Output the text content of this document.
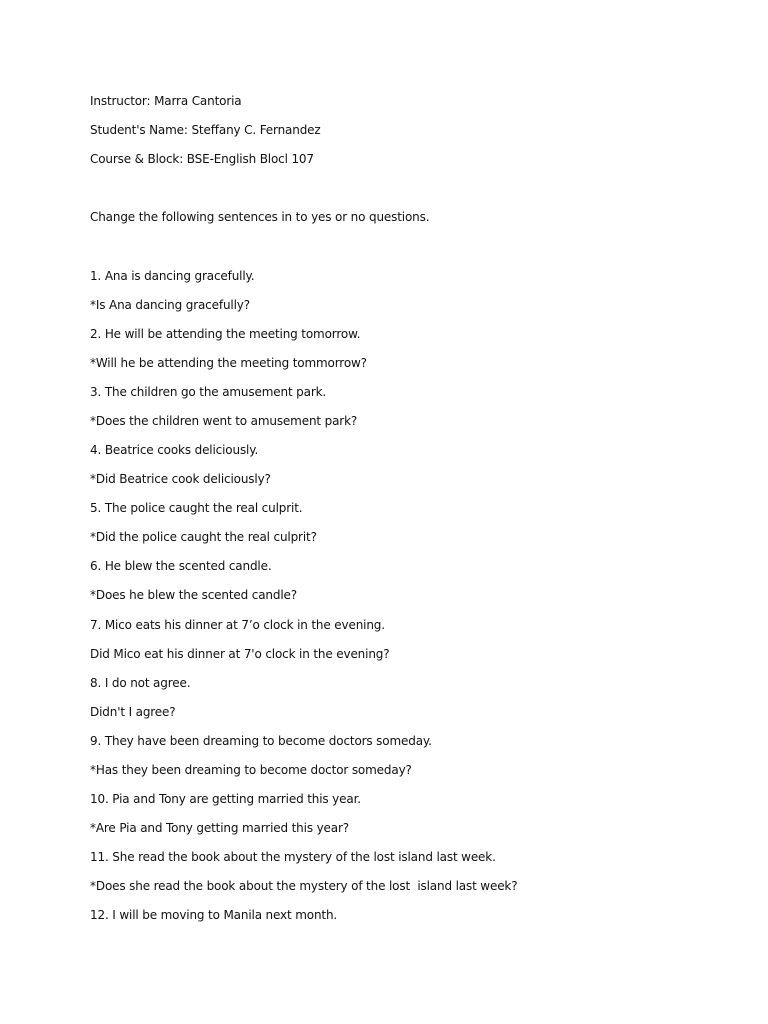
Instructor: Marra Cantoria

Student's Name: Steffany C. Fernandez

Course & Block: BSE-English Blocl 107

Change the following sentences in to yes or no questions.

1. Ana is dancing gracefully.

*Is Ana dancing gracefully?

2. He will be attending the meeting tomorrow.

*Will he be attending the meeting tommorrow?

3. The children go the amusement park.

*Does the children went to amusement park?

4. Beatrice cooks deliciously.

*Did Beatrice cook deliciously?

5. The police caught the real culprit.

*Did the police caught the real culprit?

6. He blew the scented candle.

*Does he blew the scented candle?

7. Mico eats his dinner at 7’o clock in the evening.

Did Mico eat his dinner at 7'o clock in the evening?

8. I do not agree.

Didn't I agree?

9. They have been dreaming to become doctors someday.

*Has they been dreaming to become doctor someday?

10. Pia and Tony are getting married this year.

*Are Pia and Tony getting married this year?

11. She read the book about the mystery of the lost island last week.

*Does she read the book about the mystery of the lost  island last week?

12. I will be moving to Manila next month.
